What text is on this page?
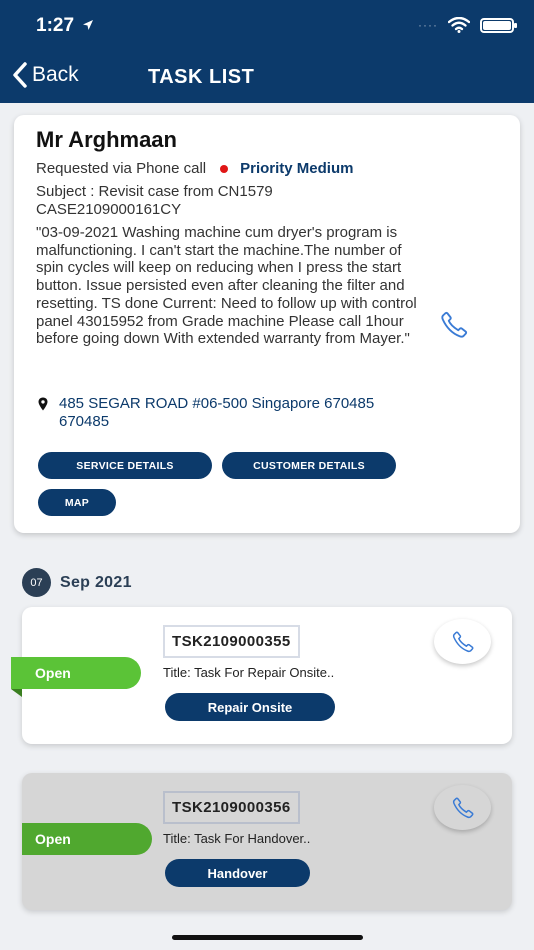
1:27	····
Back	TASK LIST
Mr Arghmaan
Requested via Phone call Priority Medium
Subject : Revisit case from CN1579
CASE2109000161CY
"03-09-2021 Washing machine cum dryer's program is malfunctioning. I can't start the machine.The number of spin cycles will keep on reducing when I press the start button. Issue persisted even after cleaning the filter and resetting. TS done Current: Need to follow up with control panel 43015952 from Grade machine Please call 1hour before going down With extended warranty from Mayer."
485 SEGAR ROAD #06-500 Singapore 670485 670485
SERVICE DETAILS	CUSTOMER DETAILS
MAP
07	Sep 2021
Open
TSK2109000355
Title: Task For Repair Onsite..
Repair Onsite
Open
TSK2109000356
Title: Task For Handover..
Handover
